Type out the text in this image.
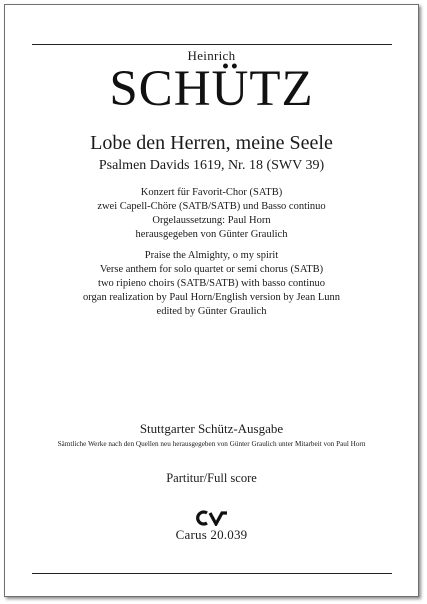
Heinrich
SCHÜTZ
Lobe den Herren, meine Seele
Psalmen Davids 1619, Nr. 18 (SWV 39)
Konzert für Favorit-Chor (SATB)
zwei Capell-Chöre (SATB/SATB) und Basso continuo
Orgelaussetzung: Paul Horn
herausgegeben von Günter Graulich
Praise the Almighty, o my spirit
Verse anthem for solo quartet or semi chorus (SATB)
two ripieno choirs (SATB/SATB) with basso continuo
organ realization by Paul Horn/English version by Jean Lunn
edited by Günter Graulich
Stuttgarter Schütz-Ausgabe
Sämtliche Werke nach den Quellen neu herausgegeben von Günter Graulich unter Mitarbeit von Paul Horn
Partitur/Full score
Carus 20.039
